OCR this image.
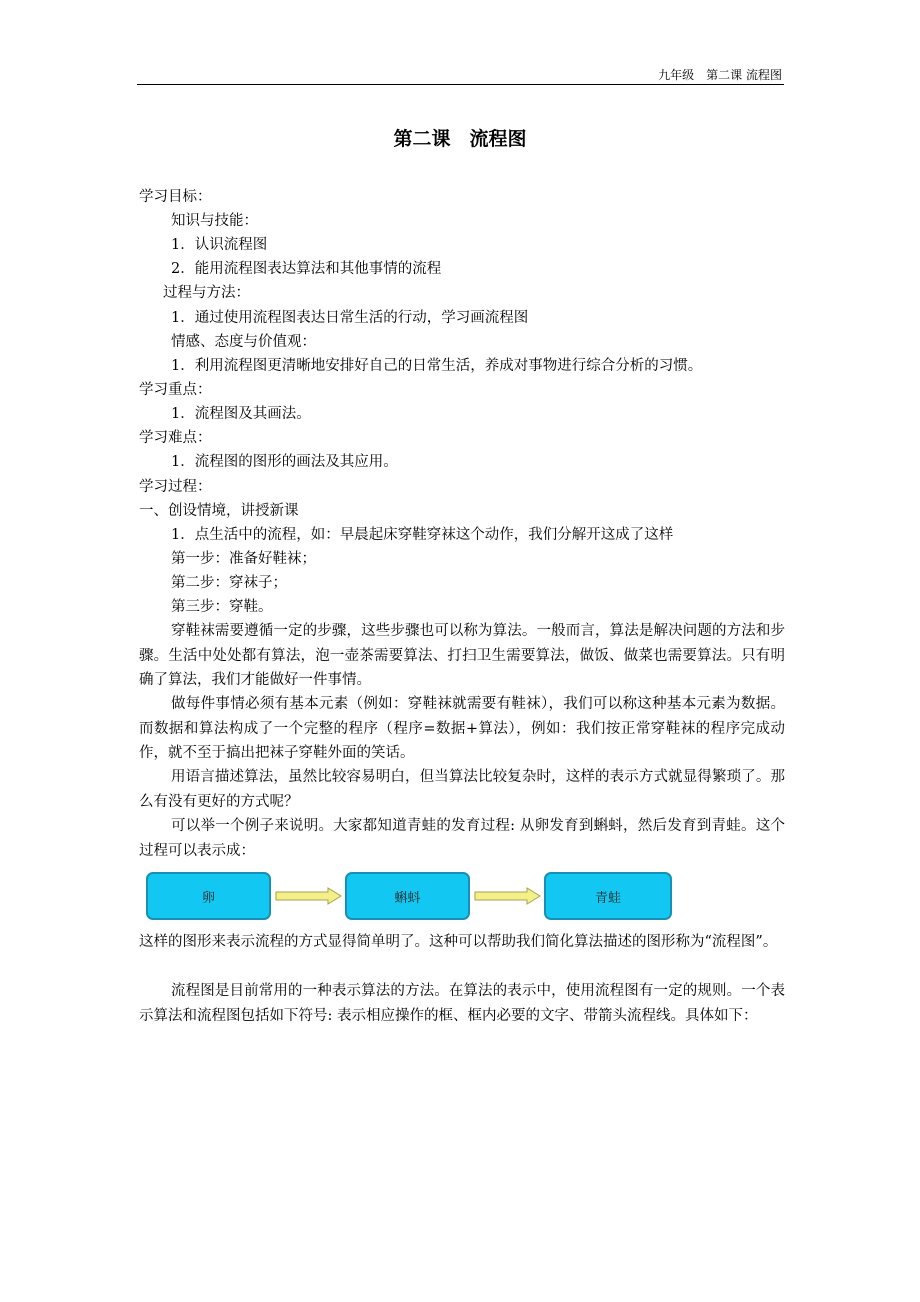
九年级　第二课 流程图
第二课　流程图
学习目标：
知识与技能：
1．认识流程图
2．能用流程图表达算法和其他事情的流程
过程与方法：
1．通过使用流程图表达日常生活的行动，学习画流程图
情感、态度与价值观：
1．利用流程图更清晰地安排好自己的日常生活，养成对事物进行综合分析的习惯。
学习重点：
1．流程图及其画法。
学习难点：
1．流程图的图形的画法及其应用。
学习过程：
一、创设情境，讲授新课
1．点生活中的流程，如：早晨起床穿鞋穿袜这个动作，我们分解开这成了这样
第一步：准备好鞋袜；
第二步：穿袜子；
第三步：穿鞋。
穿鞋袜需要遵循一定的步骤，这些步骤也可以称为算法。一般而言，算法是解决问题的方法和步骤。生活中处处都有算法，泡一壶茶需要算法、打扫卫生需要算法，做饭、做菜也需要算法。只有明确了算法，我们才能做好一件事情。
做每件事情必须有基本元素（例如：穿鞋袜就需要有鞋袜），我们可以称这种基本元素为数据。而数据和算法构成了一个完整的程序（程序=数据+算法），例如：我们按正常穿鞋袜的程序完成动作，就不至于搞出把袜子穿鞋外面的笑话。
用语言描述算法，虽然比较容易明白，但当算法比较复杂时，这样的表示方式就显得繁琐了。那么有没有更好的方式呢？
可以举一个例子来说明。大家都知道青蛙的发育过程: 从卵发育到蝌蚪，然后发育到青蛙。这个过程可以表示成：
卵	蝌蚪	青蛙
这样的图形来表示流程的方式显得简单明了。这种可以帮助我们简化算法描述的图形称为“流程图”。
流程图是目前常用的一种表示算法的方法。在算法的表示中，使用流程图有一定的规则。一个表示算法和流程图包括如下符号: 表示相应操作的框、框内必要的文字、带箭头流程线。具体如下：
